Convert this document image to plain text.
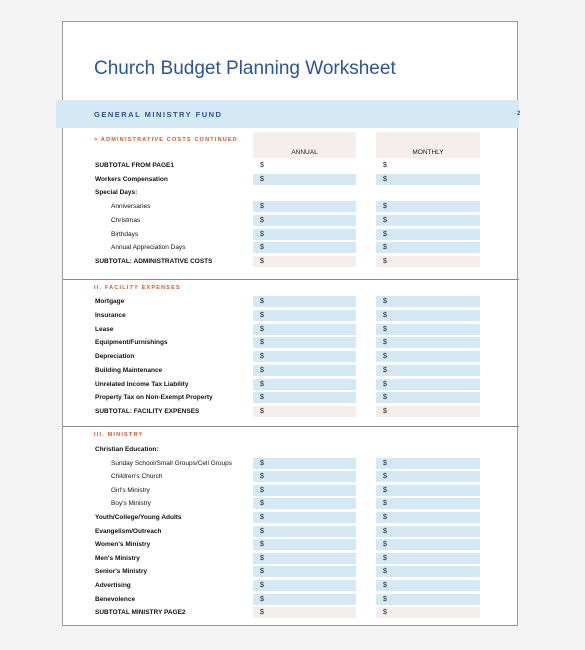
Church Budget Planning Worksheet
GENERAL MINISTRY FUND	2
ANNUAL	MONTHLY
> ADMINISTRATIVE COSTS CONTINUED
SUBTOTAL FROM PAGE1	$	$
Workers Compensation	$	$
Special Days:
Anniversaries	$	$
Christmas	$	$
Birthdays	$	$
Annual Appreciation Days	$	$
SUBTOTAL: ADMINISTRATIVE COSTS	$	$
II. FACILITY EXPENSES
Mortgage	$	$
Insurance	$	$
Lease	$	$
Equipment/Furnishings	$	$
Depreciation	$	$
Building Maintenance	$	$
Unrelated Income Tax Liability	$	$
Property Tax on Non-Exempt Property	$	$
SUBTOTAL: FACILITY EXPENSES	$	$
III. MINISTRY
Christian Education:
Sunday School/Small Groups/Cell Groups	$	$
Children's Church	$	$
Girl's Ministry	$	$
Boy's Ministry	$	$
Youth/College/Young Adults	$	$
Evangelism/Outreach	$	$
Women's Ministry	$	$
Men's Ministry	$	$
Senior's Ministry	$	$
Advertising	$	$
Benevolence	$	$
SUBTOTAL MINISTRY PAGE2	$	$
